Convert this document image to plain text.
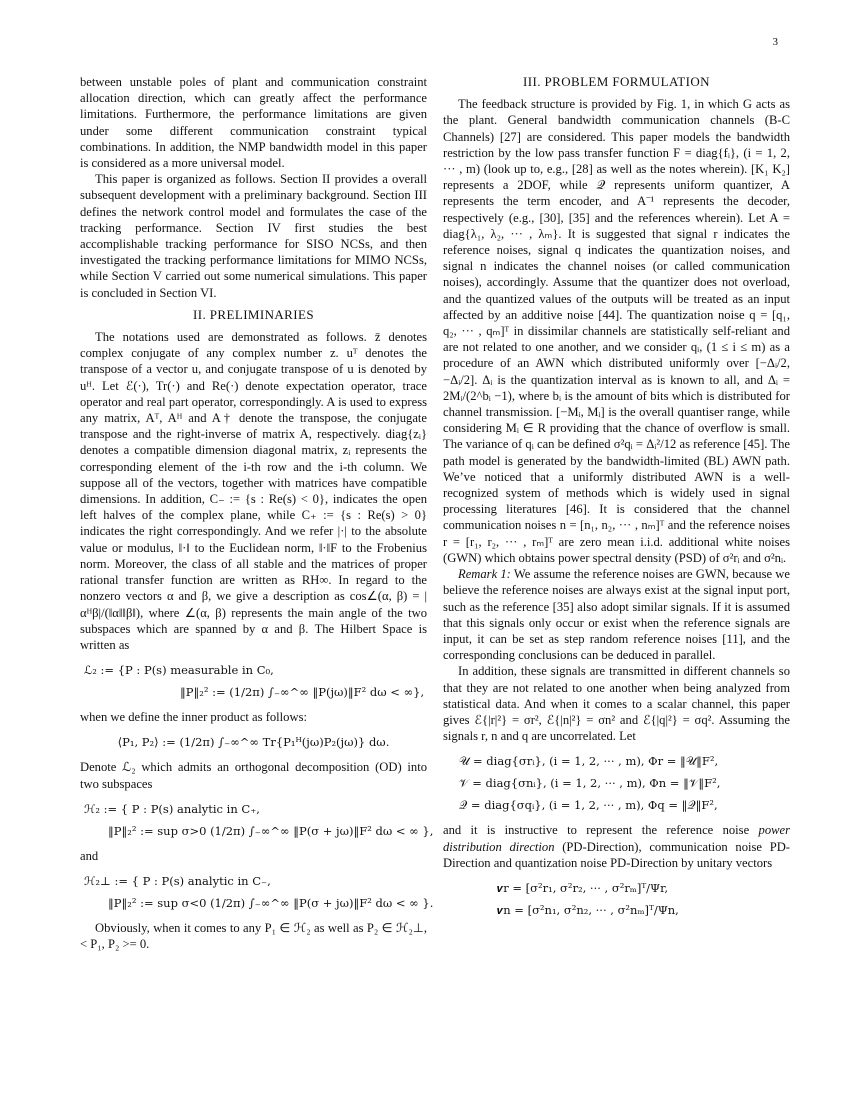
3

between unstable poles of plant and communication constraint allocation direction, which can greatly affect the performance limitations. Furthermore, the performance limitations are given under some different communication constraint typical combinations. In addition, the NMP bandwidth model in this paper is considered as a more universal model.

This paper is organized as follows. Section II provides a overall subsequent development with a preliminary background. Section III defines the network control model and formulates the case of the tracking performance. Section IV first studies the best accomplishable tracking performance for SISO NCSs, and then investigated the tracking performance limitations for MIMO NCSs, while Section V carried out some numerical simulations. This paper is concluded in Section VI.

II. PRELIMINARIES

The notations used are demonstrated as follows. z̄ denotes complex conjugate of any complex number z. uᵀ denotes the transpose of a vector u, and conjugate transpose of u is denoted by uᴴ. Let ℰ(·), Tr(·) and Re(·) denote expectation operator, trace operator and real part operator, correspondingly. A is used to express any matrix, Aᵀ, Aᴴ and A† denote the transpose, the conjugate transpose and the right-inverse of matrix A, respectively. diag{zᵢ} denotes a compatible dimension diagonal matrix, zᵢ represents the corresponding element of the i-th row and the i-th column. We suppose all of the vectors, together with matrices have compatible dimensions. In addition, C₋ := {s : Re(s) < 0}, indicates the open left halves of the complex plane, while C₊ := {s : Re(s) > 0} indicates the right correspondingly. And we refer |·| to the absolute value or modulus, ‖·‖ to the Euclidean norm, ‖·‖F to the Frobenius norm. Moreover, the class of all stable and the matrices of proper rational transfer function are written as RH∞. In regard to the nonzero vectors α and β, we give a description as cos∠(α, β) = |αᴴβ|/(‖α‖‖β‖), where ∠(α, β) represents the main angle of the two subspaces which are spanned by α and β. The Hilbert Space is written as

ℒ₂ := {P : P(s) measurable in C₀,
‖P‖₂² := (1/2π) ∫₋∞^∞ ‖P(jω)‖F² dω < ∞},

when we define the inner product as follows:

⟨P₁, P₂⟩ := (1/2π) ∫₋∞^∞ Tr{P₁ᴴ(jω)P₂(jω)} dω.

Denote ℒ₂ which admits an orthogonal decomposition (OD) into two subspaces

ℋ₂ := { P : P(s) analytic in C₊,
‖P‖₂² := sup σ>0 (1/2π) ∫₋∞^∞ ‖P(σ + jω)‖F² dω < ∞ },

and

ℋ₂⊥ := { P : P(s) analytic in C₋,
‖P‖₂² := sup σ<0 (1/2π) ∫₋∞^∞ ‖P(σ + jω)‖F² dω < ∞ }.

Obviously, when it comes to any P₁ ∈ ℋ₂ as well as P₂ ∈ ℋ₂⊥, < P₁, P₂ >= 0.

III. PROBLEM FORMULATION

The feedback structure is provided by Fig. 1, in which G acts as the plant. General bandwidth communication channels (B-C Channels) [27] are considered. This paper models the bandwidth restriction by the low pass transfer function F = diag{fᵢ}, (i = 1, 2, ··· , m) (look up to, e.g., [28] as well as the notes wherein). [K₁ K₂] represents a 2DOF, while 𝒬 represents uniform quantizer, A represents the term encoder, and A⁻¹ represents the decoder, respectively (e.g., [30], [35] and the references wherein). Let A = diag{λ₁, λ₂, ··· , λₘ}. It is suggested that signal r indicates the reference noises, signal q indicates the quantization noises, and signal n indicates the channel noises (or called communication noises), accordingly. Assume that the quantizer does not overload, and the quantized values of the outputs will be treated as an input affected by an additive noise [44]. The quantization noise q = [q₁, q₂, ··· , qₘ]ᵀ in dissimilar channels are statistically self-reliant and are not related to one another, and we consider qᵢ, (1 ≤ i ≤ m) as a procedure of an AWN which distributed uniformly over [−Δᵢ/2, −Δᵢ/2]. Δᵢ is the quantization interval as is known to all, and Δᵢ = 2Mᵢ/(2^bᵢ −1), where bᵢ is the amount of bits which is distributed for channel transmission. [−Mᵢ, Mᵢ] is the overall quantiser range, while considering Mᵢ ∈ R providing that the chance of overflow is small. The variance of qᵢ can be defined σ²qᵢ = Δᵢ²/12 as reference [45]. The path model is generated by the bandwidth-limited (BL) AWN path. We’ve noticed that a uniformly distributed AWN is a well-recognized system of methods which is widely used in signal processing literatures [46]. It is considered that the channel communication noises n = [n₁, n₂, ··· , nₘ]ᵀ and the reference noises r = [r₁, r₂, ··· , rₘ]ᵀ are zero mean i.i.d. additional white noises (GWN) which obtains power spectral density (PSD) of σ²rᵢ and σ²nᵢ.

Remark 1: We assume the reference noises are GWN, because we believe the reference noises are always exist at the signal input port, such as the reference [35] also adopt similar signals. If it is assumed that this signals only occur or exist when the reference signals are input, it can be set as step random reference noises [11], and the corresponding conclusions can be deduced in parallel.

In addition, these signals are transmitted in different channels so that they are not related to one another when being analyzed from statistical data. And when it comes to a scalar channel, this paper gives ℰ{|r|²} = σr², ℰ{|n|²} = σn² and ℰ{|q|²} = σq². Assuming the signals r, n and q are uncorrelated. Let

𝒰 = diag{σrᵢ}, (i = 1, 2, ··· , m), Φr = ‖𝒰‖F²,
𝒱 = diag{σnᵢ}, (i = 1, 2, ··· , m), Φn = ‖𝒱‖F²,
𝒬 = diag{σqᵢ}, (i = 1, 2, ··· , m), Φq = ‖𝒬‖F²,

and it is instructive to represent the reference noise power distribution direction (PD-Direction), communication noise PD-Direction and quantization noise PD-Direction by unitary vectors

𝒗r = [σ²r₁, σ²r₂, ··· , σ²rₘ]ᵀ/Ψr,
𝒗n = [σ²n₁, σ²n₂, ··· , σ²nₘ]ᵀ/Ψn,
